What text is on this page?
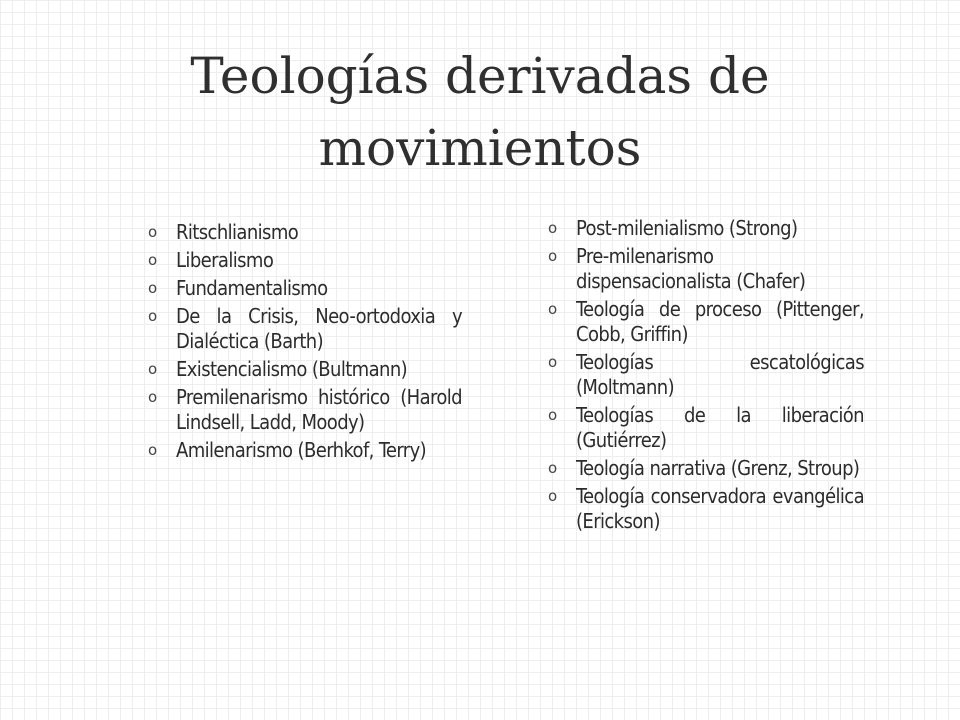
Teologías derivadas de
movimientos
o Ritschlianismo
o Liberalismo
o Fundamentalismo
o De la Crisis, Neo-ortodoxia y Dialéctica (Barth)
o Existencialismo (Bultmann)
o Premilenarismo histórico (Harold Lindsell, Ladd, Moody)
o Amilenarismo (Berhkof, Terry)
o Post-milenialismo (Strong)
o Pre-milenarismo dispensacionalista (Chafer)
o Teología de proceso (Pittenger, Cobb, Griffin)
o Teologías escatológicas (Moltmann)
o Teologías de la liberación (Gutiérrez)
o Teología narrativa (Grenz, Stroup)
o Teología conservadora evangélica (Erickson)
